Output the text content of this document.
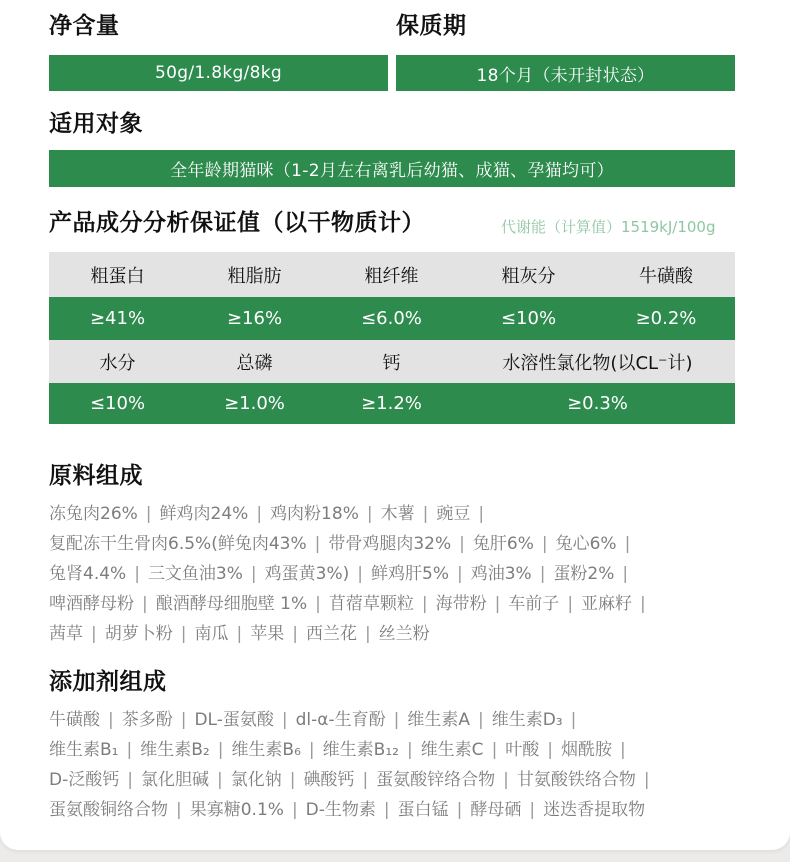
净含量	保质期
50g/1.8kg/8kg	18个月（未开封状态）
适用对象
全年龄期猫咪（1-2月左右离乳后幼猫、成猫、孕猫均可）
产品成分分析保证值（以干物质计）	代谢能（计算值）1519kJ/100g
粗蛋白	粗脂肪	粗纤维	粗灰分	牛磺酸
≥41%	≥16%	≤6.0%	≤10%	≥0.2%
水分	总磷	钙	水溶性氯化物(以CL⁻计)
≤10%	≥1.0%	≥1.2%	≥0.3%
原料组成
冻兔肉26% | 鲜鸡肉24% | 鸡肉粉18% | 木薯 | 豌豆 |
复配冻干生骨肉6.5%(鲜兔肉43% | 带骨鸡腿肉32% | 兔肝6% | 兔心6% |
兔肾4.4% | 三文鱼油3% | 鸡蛋黄3%) | 鲜鸡肝5% | 鸡油3% | 蛋粉2% |
啤酒酵母粉 | 酿酒酵母细胞壁 1% | 苜蓿草颗粒 | 海带粉 | 车前子 | 亚麻籽 |
茜草 | 胡萝卜粉 | 南瓜 | 苹果 | 西兰花 | 丝兰粉
添加剂组成
牛磺酸 | 茶多酚 | DL-蛋氨酸 | dl-α-生育酚 | 维生素A | 维生素D₃ |
维生素B₁ | 维生素B₂ | 维生素B₆ | 维生素B₁₂ | 维生素C | 叶酸 | 烟酰胺 |
D-泛酸钙 | 氯化胆碱 | 氯化钠 | 碘酸钙 | 蛋氨酸锌络合物 | 甘氨酸铁络合物 |
蛋氨酸铜络合物 | 果寡糖0.1% | D-生物素 | 蛋白锰 | 酵母硒 | 迷迭香提取物
